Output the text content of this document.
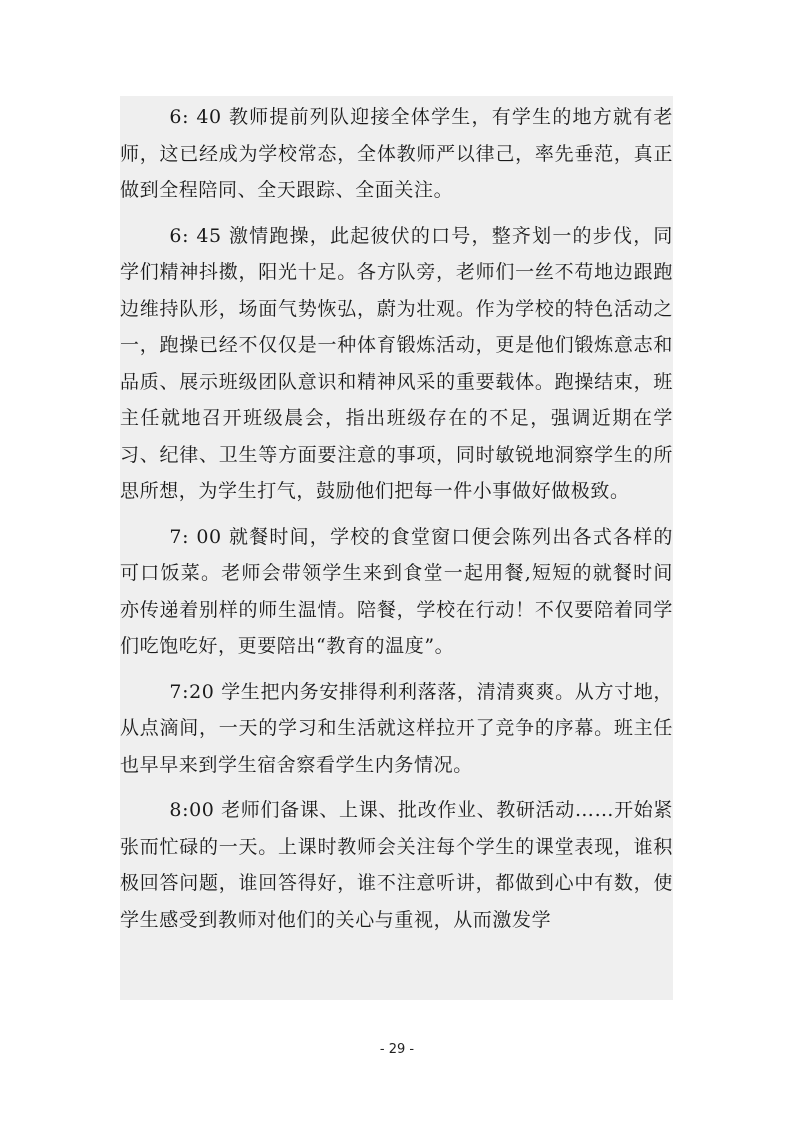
6: 40 教师提前列队迎接全体学生，有学生的地方就有老师，这已经成为学校常态，全体教师严以律己，率先垂范，真正做到全程陪同、全天跟踪、全面关注。

6: 45 激情跑操，此起彼伏的口号，整齐划一的步伐，同学们精神抖擞，阳光十足。各方队旁，老师们一丝不苟地边跟跑边维持队形，场面气势恢弘，蔚为壮观。作为学校的特色活动之一，跑操已经不仅仅是一种体育锻炼活动，更是他们锻炼意志和品质、展示班级团队意识和精神风采的重要载体。跑操结束，班主任就地召开班级晨会，指出班级存在的不足，强调近期在学习、纪律、卫生等方面要注意的事项，同时敏锐地洞察学生的所思所想，为学生打气，鼓励他们把每一件小事做好做极致。

7: 00 就餐时间，学校的食堂窗口便会陈列出各式各样的可口饭菜。老师会带领学生来到食堂一起用餐,短短的就餐时间亦传递着别样的师生温情。陪餐，学校在行动！不仅要陪着同学们吃饱吃好，更要陪出“教育的温度”。

7:20 学生把内务安排得利利落落，清清爽爽。从方寸地，从点滴间，一天的学习和生活就这样拉开了竞争的序幕。班主任也早早来到学生宿舍察看学生内务情况。

8:00 老师们备课、上课、批改作业、教研活动……开始紧张而忙碌的一天。上课时教师会关注每个学生的课堂表现，谁积极回答问题，谁回答得好，谁不注意听讲，都做到心中有数，使学生感受到教师对他们的关心与重视，从而激发学

- 29 -
